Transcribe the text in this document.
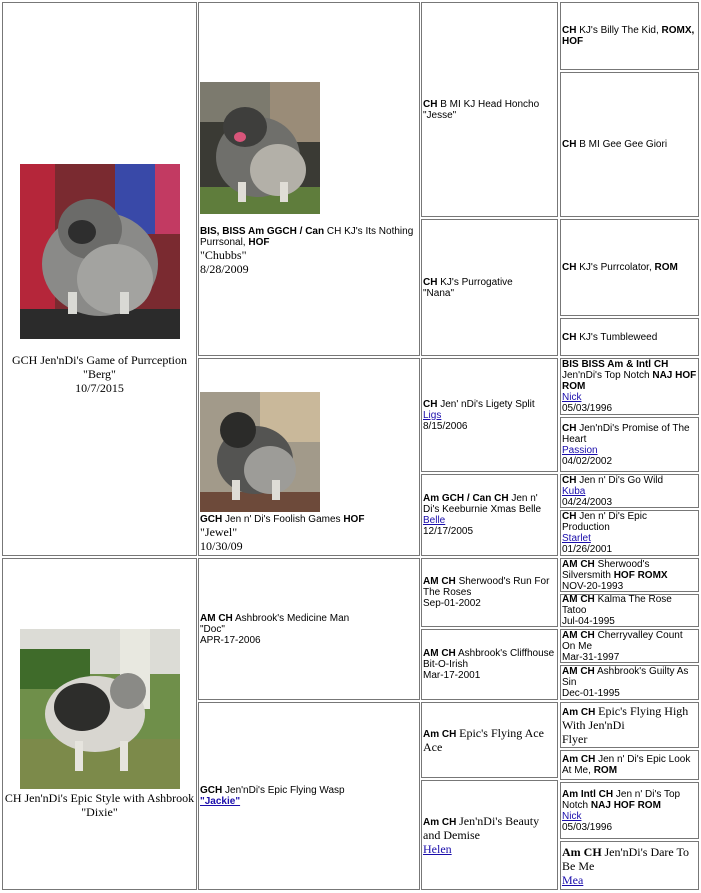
GCH Jen'nDi's Game of Purrception
"Berg"
10/7/2015
CH Jen'nDi's Epic Style with Ashbrook
"Dixie"
BIS, BISS Am GGCH / Can CH KJ's Its Nothing Purrsonal, HOF
"Chubbs"
8/28/2009
GCH Jen n' Di's Foolish Games HOF
"Jewel"
10/30/09
AM CH Ashbrook's Medicine Man
"Doc"
APR-17-2006
GCH Jen'nDi's Epic Flying Wasp
"Jackie"
CH B MI KJ Head Honcho
"Jesse"
CH KJ's Purrogative
"Nana"
CH Jen' nDi's Ligety Split
Ligs
8/15/2006
Am GCH / Can CH Jen n' Di's Keeburnie Xmas Belle
Belle
12/17/2005
AM CH Sherwood's Run For The Roses
Sep-01-2002
AM CH Ashbrook's Cliffhouse Bit-O-Irish
Mar-17-2001
Am CH Epic's Flying Ace
Ace
Am CH Jen'nDi's Beauty and Demise
Helen
CH KJ's Billy The Kid, ROMX, HOF
CH B MI Gee Gee Giori
CH KJ's Purrcolator, ROM
CH KJ's Tumbleweed
BIS BISS Am & Intl CH Jen'nDi's Top Notch NAJ HOF ROM
Nick
05/03/1996
CH Jen'nDi's Promise of The Heart
Passion
04/02/2002
CH Jen n' Di's Go Wild
Kuba
04/24/2003
CH Jen n' Di's Epic Production
Starlet
01/26/2001
AM CH Sherwood's Silversmith HOF ROMX
NOV-20-1993
AM CH Kalma The Rose Tatoo
Jul-04-1995
AM CH Cherryvalley Count On Me
Mar-31-1997
AM CH Ashbrook's Guilty As Sin
Dec-01-1995
Am CH Epic's Flying High With Jen'nDi
Flyer
Am CH Jen n' Di's Epic Look At Me, ROM
Am Intl CH Jen n' Di's Top Notch NAJ HOF ROM
Nick
05/03/1996
Am CH Jen'nDi's Dare To Be Me
Mea
